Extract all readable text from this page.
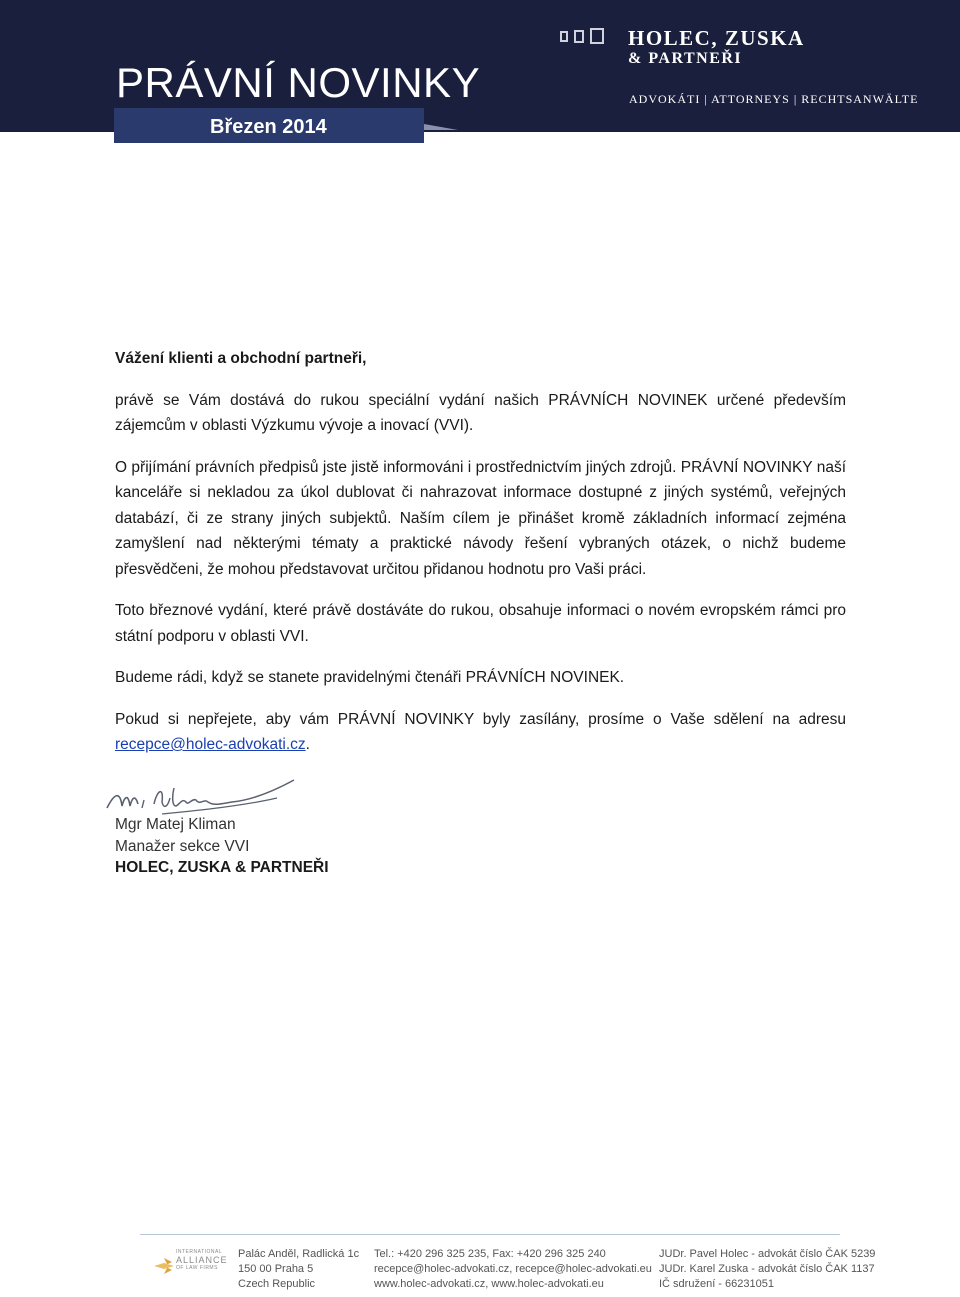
PRÁVNÍ NOVINKY
HOLEC, ZUSKA
& PARTNEŘI
ADVOKÁTI | ATTORNEYS | RECHTSANWÄLTE
Březen 2014

Vážení klienti a obchodní partneři,

právě se Vám dostává do rukou speciální vydání našich PRÁVNÍCH NOVINEK určené především zájemcům v oblasti Výzkumu vývoje a inovací (VVI).

O přijímání právních předpisů jste jistě informováni i prostřednictvím jiných zdrojů. PRÁVNÍ NOVINKY naší kanceláře si nekladou za úkol dublovat či nahrazovat informace dostupné z jiných systémů, veřejných databází, či ze strany jiných subjektů. Naším cílem je přinášet kromě základních informací zejména zamyšlení nad některými tématy a praktické návody řešení vybraných otázek, o nichž budeme přesvědčeni, že mohou představovat určitou přidanou hodnotu pro Vaši práci.

Toto březnové vydání, které právě dostáváte do rukou, obsahuje informaci o novém evropském rámci pro státní podporu v oblasti VVI.

Budeme rádi, když se stanete pravidelnými čtenáři PRÁVNÍCH NOVINEK.

Pokud si nepřejete, aby vám PRÁVNÍ NOVINKY byly zasílány, prosíme o Vaše sdělení na adresu recepce@holec-advokati.cz.

Mgr Matej Kliman
Manažer sekce VVI
HOLEC, ZUSKA & PARTNEŘI
INTERNATIONAL
ALLIANCE
OF LAW FIRMS
Palác Anděl, Radlická 1c
150 00 Praha 5
Czech Republic
Tel.: +420 296 325 235, Fax: +420 296 325 240
recepce@holec-advokati.cz, recepce@holec-advokati.eu
www.holec-advokati.cz, www.holec-advokati.eu
JUDr. Pavel Holec - advokát číslo ČAK 5239
JUDr. Karel Zuska - advokát číslo ČAK 1137
IČ sdružení - 66231051
